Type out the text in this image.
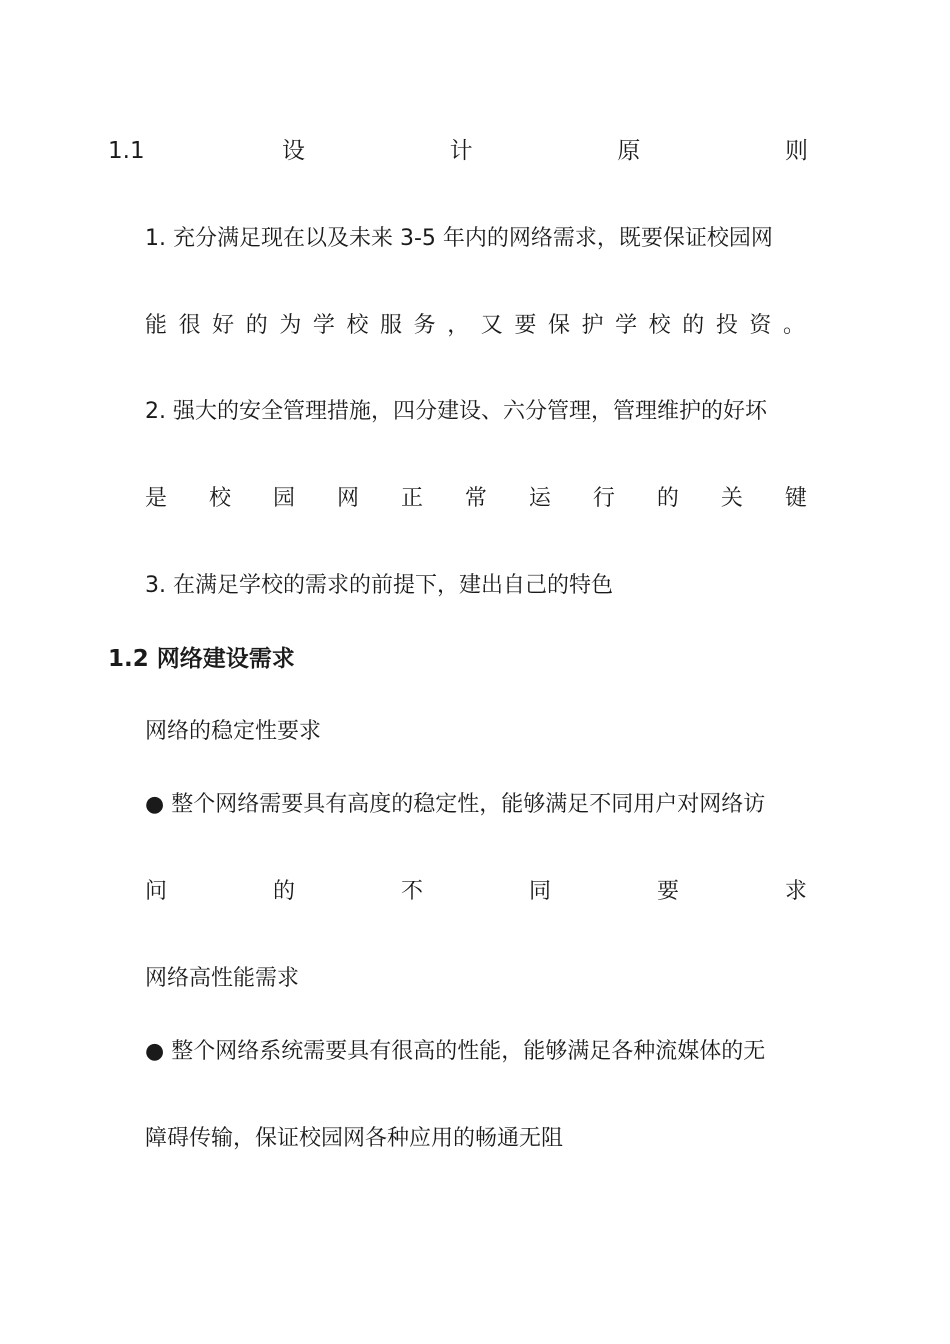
1.1	设	计	原	则
1. 充分满足现在以及未来 3-5 年内的网络需求，既要保证校园网
能 很 好 的 为 学 校 服 务 ， 又 要 保 护 学 校 的 投 资 。
2. 强大的安全管理措施，四分建设、六分管理，管理维护的好坏
是 校 园 网 正 常 运 行 的 关 键
3. 在满足学校的需求的前提下，建出自己的特色
1.2 网络建设需求
网络的稳定性要求
● 整个网络需要具有高度的稳定性，能够满足不同用户对网络访
问	的	不	同	要	求
网络高性能需求
● 整个网络系统需要具有很高的性能，能够满足各种流媒体的无
障碍传输，保证校园网各种应用的畅通无阻
